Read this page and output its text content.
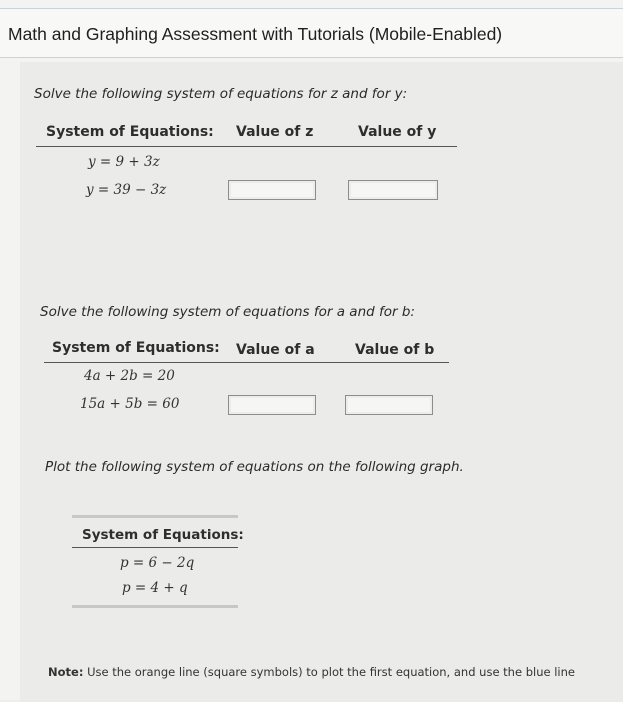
Math and Graphing Assessment with Tutorials (Mobile-Enabled)
Solve the following system of equations for z and for y:
System of Equations: Value of z	Value of y
y = 9 + 3z
y = 39 − 3z
Solve the following system of equations for a and for b:
System of Equations: Value of a	Value of b
4a + 2b = 20
15a + 5b = 60
Plot the following system of equations on the following graph.
System of Equations:
p = 6 − 2q
p = 4 + q
Note: Use the orange line (square symbols) to plot the first equation, and use the blue line
